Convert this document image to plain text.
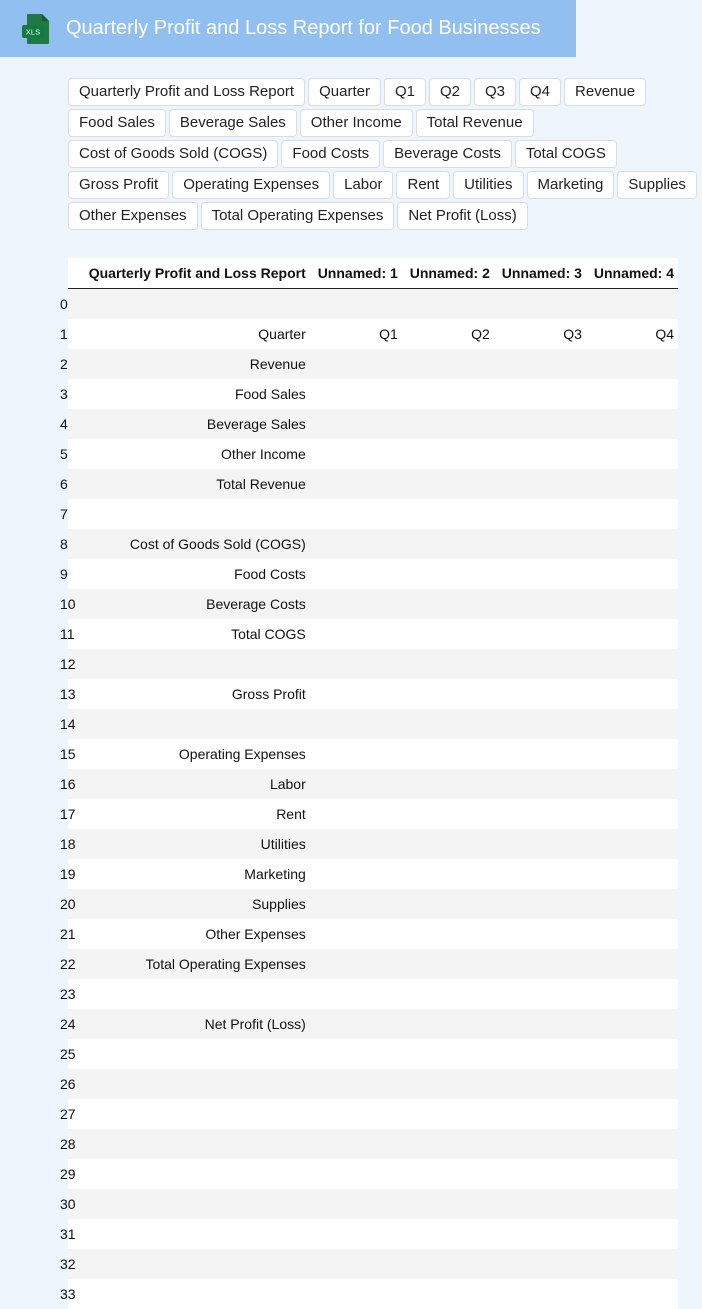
XLS Quarterly Profit and Loss Report for Food Businesses
Quarterly Profit and Loss Report	Quarter	Q1	Q2	Q3	Q4	Revenue
Food Sales	Beverage Sales	Other Income	Total Revenue
Cost of Goods Sold (COGS)	Food Costs	Beverage Costs	Total COGS
Gross Profit	Operating Expenses	Labor	Rent	Utilities	Marketing	Supplies
Other Expenses	Total Operating Expenses	Net Profit (Loss)
	Quarterly Profit and Loss Report	Unnamed: 1	Unnamed: 2	Unnamed: 3	Unnamed: 4
0					
1	Quarter	Q1	Q2	Q3	Q4
2	Revenue				
3	Food Sales				
4	Beverage Sales				
5	Other Income				
6	Total Revenue				
7					
8	Cost of Goods Sold (COGS)				
9	Food Costs				
10	Beverage Costs				
11	Total COGS				
12					
13	Gross Profit				
14					
15	Operating Expenses				
16	Labor				
17	Rent				
18	Utilities				
19	Marketing				
20	Supplies				
21	Other Expenses				
22	Total Operating Expenses				
23					
24	Net Profit (Loss)				
25					
26					
27					
28					
29					
30					
31					
32					
33					
